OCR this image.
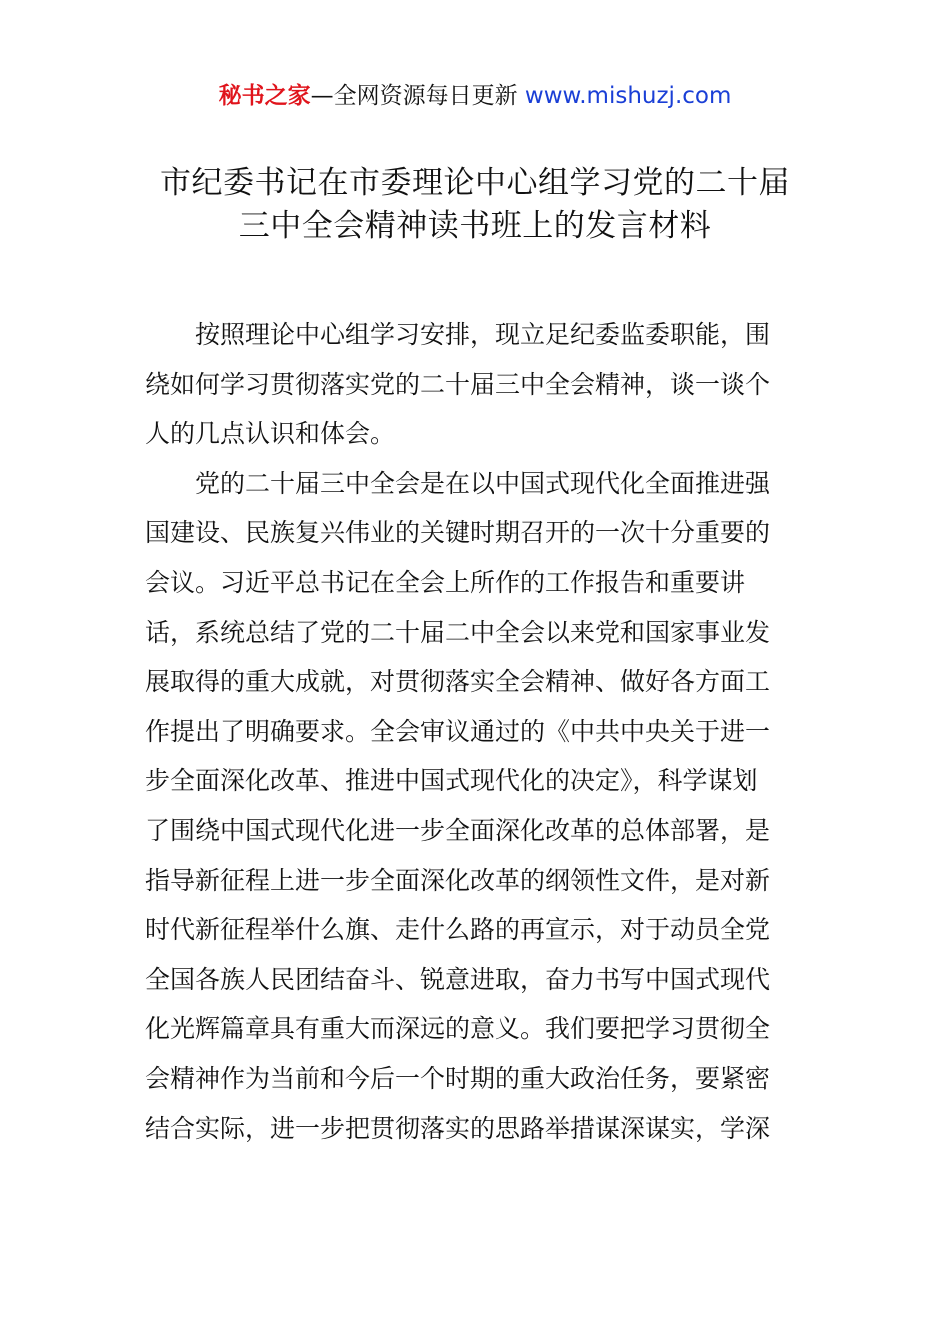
秘书之家—全网资源每日更新 www.mishuzj.com
市纪委书记在市委理论中心组学习党的二十届
三中全会精神读书班上的发言材料
按照理论中心组学习安排，现立足纪委监委职能，围
绕如何学习贯彻落实党的二十届三中全会精神，谈一谈个
人的几点认识和体会。
党的二十届三中全会是在以中国式现代化全面推进强
国建设、民族复兴伟业的关键时期召开的一次十分重要的
会议。习近平总书记在全会上所作的工作报告和重要讲
话，系统总结了党的二十届二中全会以来党和国家事业发
展取得的重大成就，对贯彻落实全会精神、做好各方面工
作提出了明确要求。全会审议通过的《中共中央关于进一
步全面深化改革、推进中国式现代化的决定》，科学谋划
了围绕中国式现代化进一步全面深化改革的总体部署，是
指导新征程上进一步全面深化改革的纲领性文件，是对新
时代新征程举什么旗、走什么路的再宣示，对于动员全党
全国各族人民团结奋斗、锐意进取，奋力书写中国式现代
化光辉篇章具有重大而深远的意义。我们要把学习贯彻全
会精神作为当前和今后一个时期的重大政治任务，要紧密
结合实际，进一步把贯彻落实的思路举措谋深谋实，学深
